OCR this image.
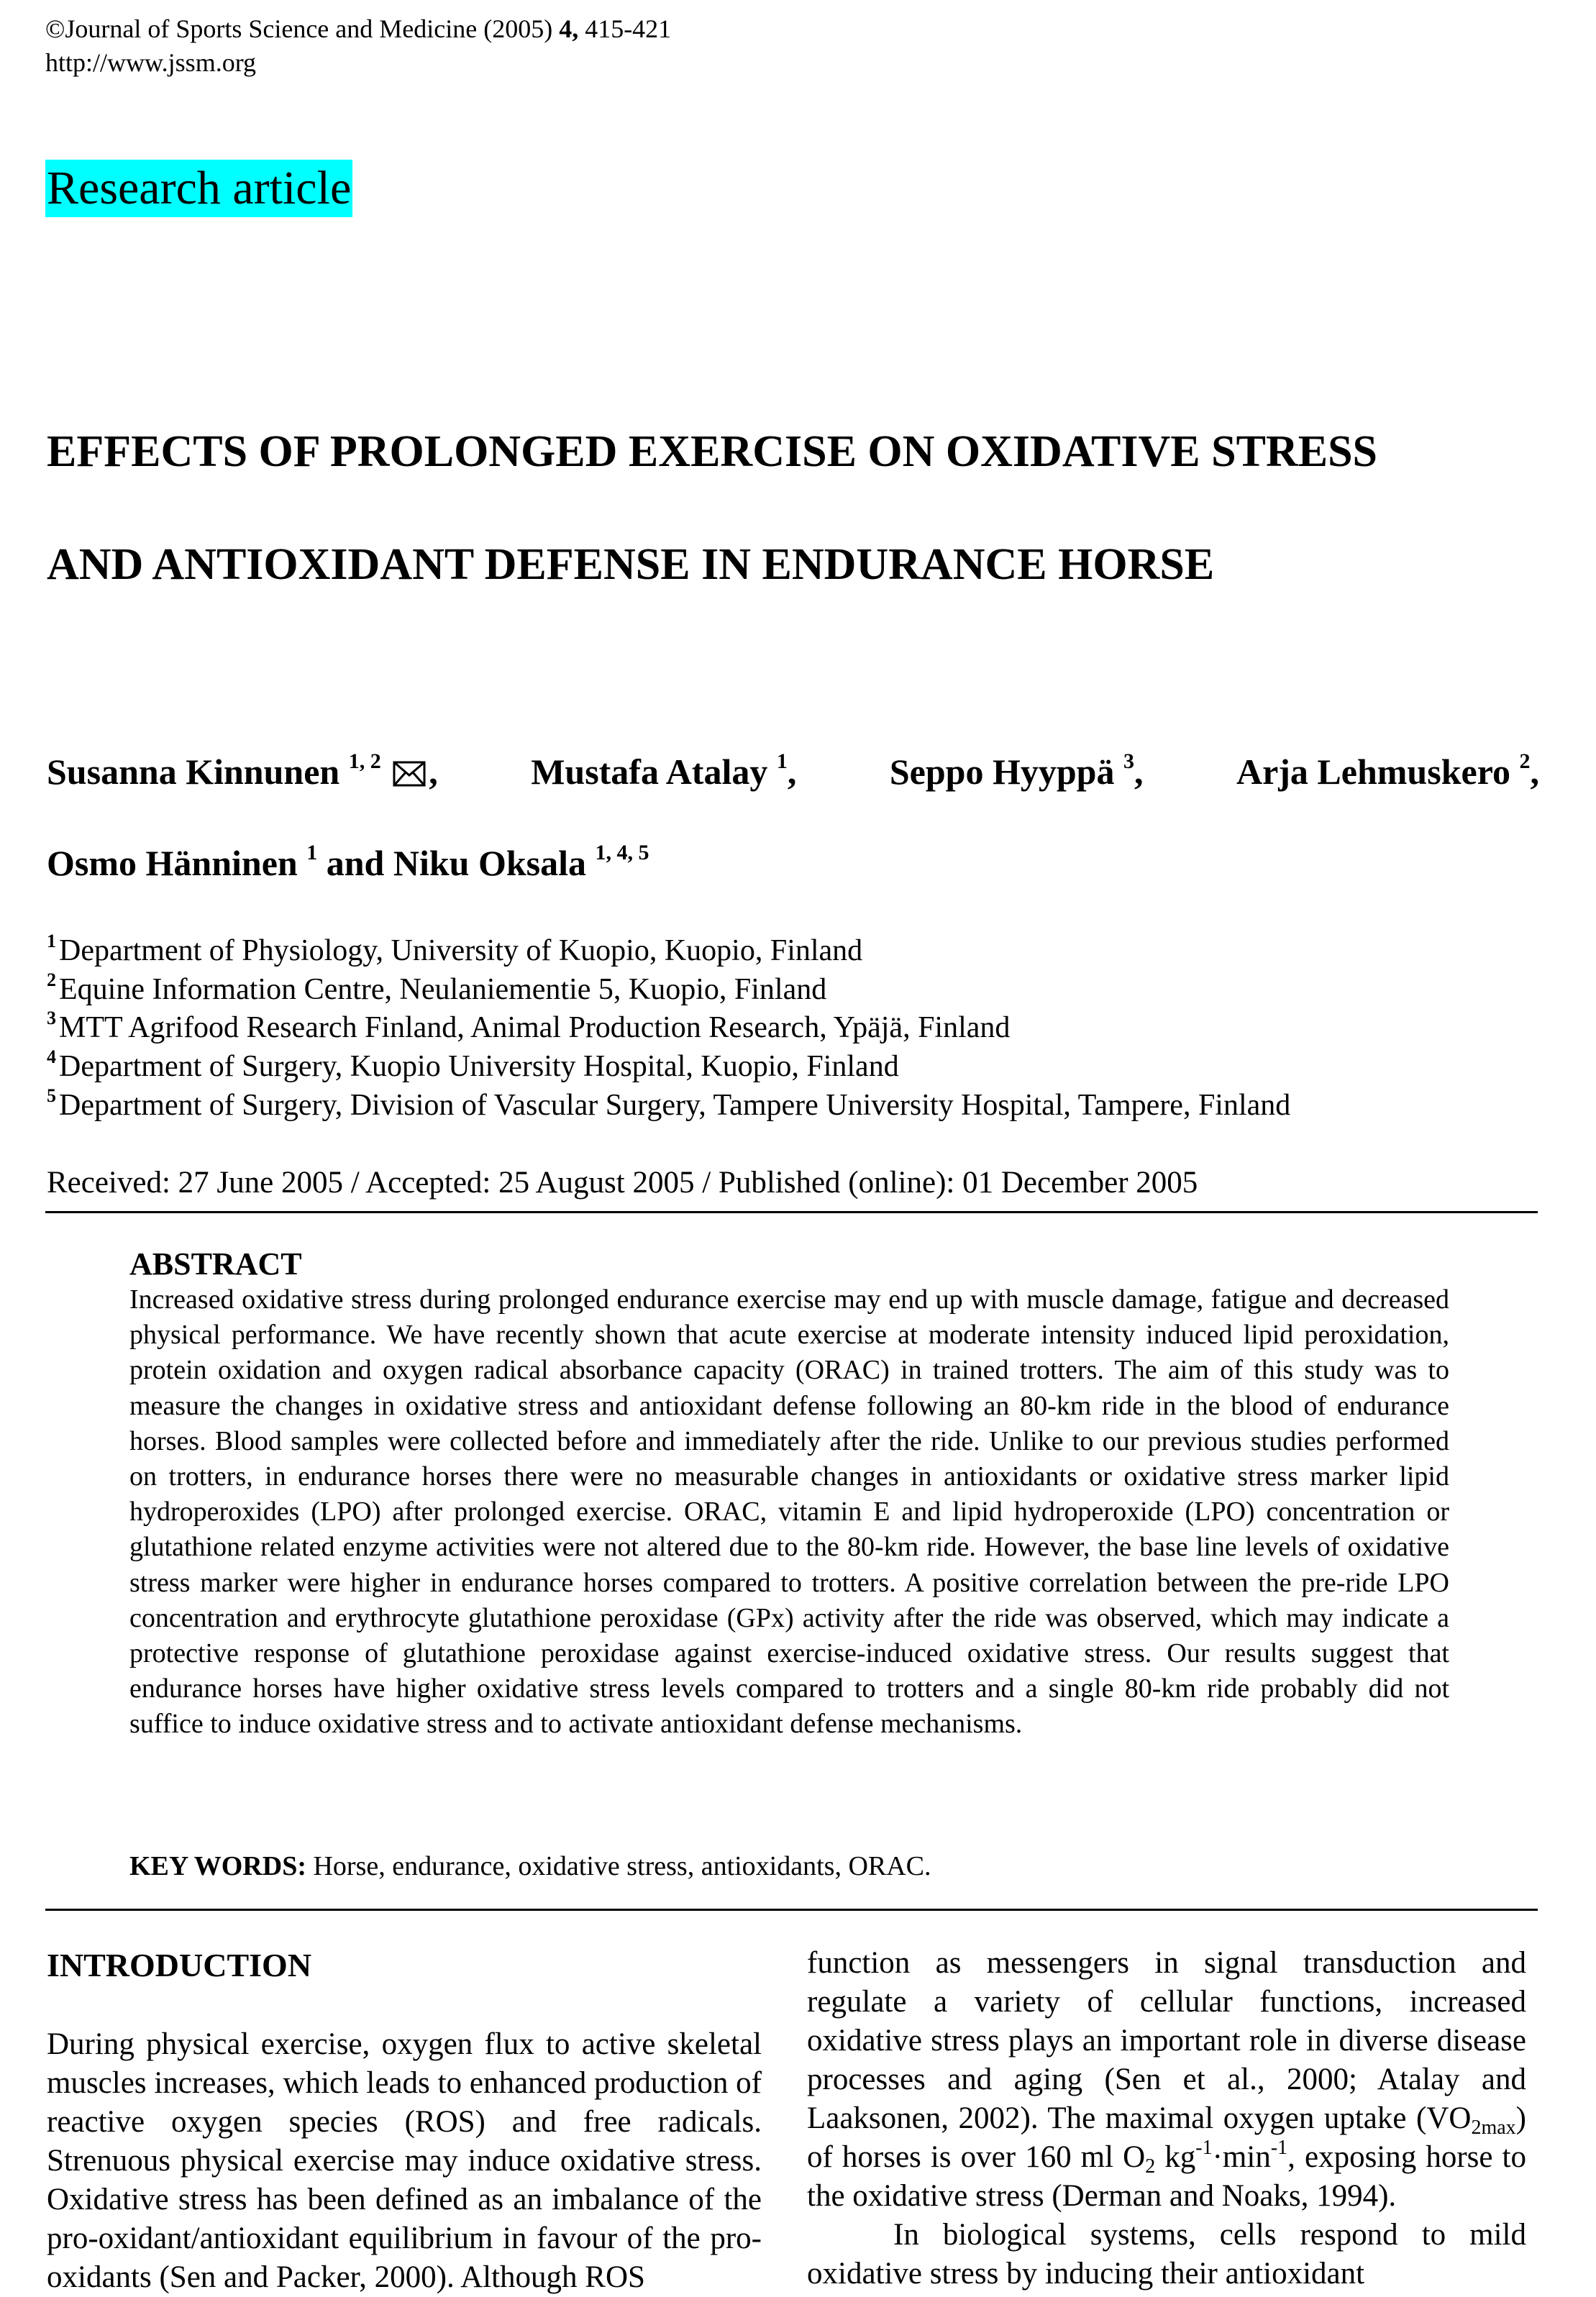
©Journal of Sports Science and Medicine (2005) 4, 415-421
http://www.jssm.org
Research article
EFFECTS OF PROLONGED EXERCISE ON OXIDATIVE STRESS
AND ANTIOXIDANT DEFENSE IN ENDURANCE HORSE
Susanna Kinnunen $^{1, 2}$ ,	Mustafa Atalay $^1$,	Seppo Hyyppä $^3$,	Arja Lehmuskero $^2$,
Osmo Hänninen $^1$ and Niku Oksala $^{1, 4, 5}$
$^1$Department of Physiology, University of Kuopio, Kuopio, Finland
$^2$Equine Information Centre, Neulaniementie 5, Kuopio, Finland
$^3$MTT Agrifood Research Finland, Animal Production Research, Ypäjä, Finland
$^4$Department of Surgery, Kuopio University Hospital, Kuopio, Finland
$^5$Department of Surgery, Division of Vascular Surgery, Tampere University Hospital, Tampere, Finland
Received: 27 June 2005 / Accepted: 25 August 2005 / Published (online): 01 December 2005
ABSTRACT

Increased oxidative stress during prolonged endurance exercise may end up with muscle damage, fatigue and decreased physical performance. We have recently shown that acute exercise at moderate intensity induced lipid peroxidation, protein oxidation and oxygen radical absorbance capacity (ORAC) in trained trotters. The aim of this study was to measure the changes in oxidative stress and antioxidant defense following an 80-km ride in the blood of endurance horses. Blood samples were collected before and immediately after the ride. Unlike to our previous studies performed on trotters, in endurance horses there were no measurable changes in antioxidants or oxidative stress marker lipid hydroperoxides (LPO) after prolonged exercise. ORAC, vitamin E and lipid hydroperoxide (LPO) concentration or glutathione related enzyme activities were not altered due to the 80-km ride. However, the base line levels of oxidative stress marker were higher in endurance horses compared to trotters. A positive correlation between the pre-ride LPO concentration and erythrocyte glutathione peroxidase (GPx) activity after the ride was observed, which may indicate a protective response of glutathione peroxidase against exercise-induced oxidative stress. Our results suggest that endurance horses have higher oxidative stress levels compared to trotters and a single 80-km ride probably did not suffice to induce oxidative stress and to activate antioxidant defense mechanisms.

KEY WORDS: Horse, endurance, oxidative stress, antioxidants, ORAC.
INTRODUCTION

During physical exercise, oxygen flux to active skeletal muscles increases, which leads to enhanced production of reactive oxygen species (ROS) and free radicals. Strenuous physical exercise may induce oxidative stress. Oxidative stress has been defined as an imbalance of the pro-oxidant/antioxidant equilibrium in favour of the pro-oxidants (Sen and Packer, 2000). Although ROS

function as messengers in signal transduction and regulate a variety of cellular functions, increased oxidative stress plays an important role in diverse disease processes and aging (Sen et al., 2000; Atalay and Laaksonen, 2002). The maximal oxygen uptake $(VO_{2max})$ of horses is over 160 ml $O_2$ $kg^{-1}\cdot\min^{-1}$, exposing horse to the oxidative stress (Derman and Noaks, 1994).

In biological systems, cells respond to mild oxidative stress by inducing their antioxidant
